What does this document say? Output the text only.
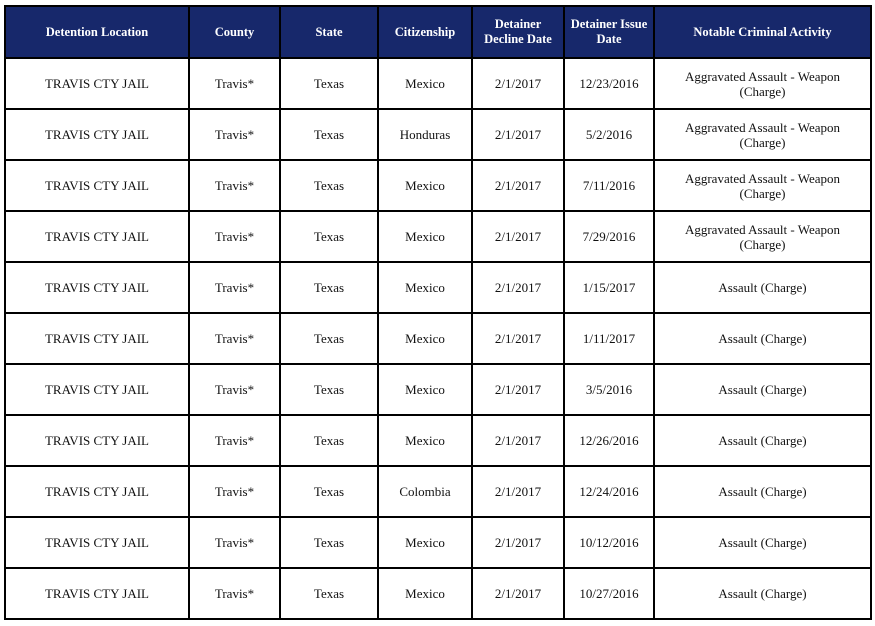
Detention Location	County	State	Citizenship	Detainer Decline Date	Detainer Issue Date	Notable Criminal Activity
TRAVIS CTY JAIL	Travis*	Texas	Mexico	2/1/2017	12/23/2016	Aggravated Assault - Weapon (Charge)
TRAVIS CTY JAIL	Travis*	Texas	Honduras	2/1/2017	5/2/2016	Aggravated Assault - Weapon (Charge)
TRAVIS CTY JAIL	Travis*	Texas	Mexico	2/1/2017	7/11/2016	Aggravated Assault - Weapon (Charge)
TRAVIS CTY JAIL	Travis*	Texas	Mexico	2/1/2017	7/29/2016	Aggravated Assault - Weapon (Charge)
TRAVIS CTY JAIL	Travis*	Texas	Mexico	2/1/2017	1/15/2017	Assault (Charge)
TRAVIS CTY JAIL	Travis*	Texas	Mexico	2/1/2017	1/11/2017	Assault (Charge)
TRAVIS CTY JAIL	Travis*	Texas	Mexico	2/1/2017	3/5/2016	Assault (Charge)
TRAVIS CTY JAIL	Travis*	Texas	Mexico	2/1/2017	12/26/2016	Assault (Charge)
TRAVIS CTY JAIL	Travis*	Texas	Colombia	2/1/2017	12/24/2016	Assault (Charge)
TRAVIS CTY JAIL	Travis*	Texas	Mexico	2/1/2017	10/12/2016	Assault (Charge)
TRAVIS CTY JAIL	Travis*	Texas	Mexico	2/1/2017	10/27/2016	Assault (Charge)
